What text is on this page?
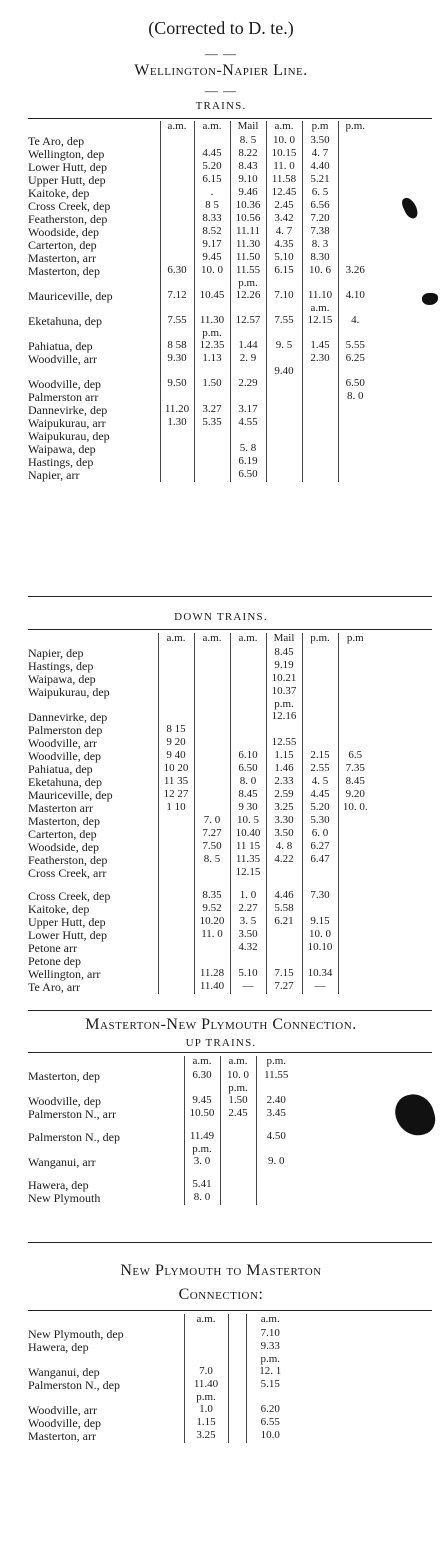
(Corrected to D. te.)
— —
Wellington-Napier Line.
— —
TRAINS.
	a.m.	a.m.	Mail	a.m.	p.m	p.m.
Te Aro, dep			8. 5	10. 0	3.50	
Wellington, dep		4.45	8.22	10.15	4. 7	
Lower Hutt, dep		5.20	8.43	11. 0	4.40	
Upper Hutt, dep		6.15	9.10	11.58	5.21	
Kaitoke, dep		.	9.46	12.45	6. 5	
Cross Creek, dep		8 5	10.36	2.45	6.56	
Featherston, dep		8.33	10.56	3.42	7.20	
Woodside, dep		8.52	11.11	4. 7	7.38	
Carterton, dep		9.17	11.30	4.35	8. 3	
Masterton, arr		9.45	11.50	5.10	8.30	
Masterton, dep	6.30	10. 0	11.55	6.15	10. 6	3.26
			p.m.			
Mauriceville, dep	7.12	10.45	12.26	7.10	11.10	4.10
					a.m.	
Eketahuna, dep	7.55	11.30	12.57	7.55	12.15	4.
		p.m.				
Pahiatua, dep	8 58	12.35	1.44	9. 5	1.45	5.55
Woodville, arr	9.30	1.13	2. 9		2.30	6.25
				9.40		
Woodville, dep	9.50	1.50	2.29			6.50
Palmerston arr						8. 0
Dannevirke, dep	11.20	3.27	3.17			
Waipukurau, arr	1.30	5.35	4.55			
Waipukurau, dep						
Waipawa, dep			5. 8			
Hastings, dep			6.19			
Napier, arr			6.50			
DOWN TRAINS.
	a.m.	a.m.	a.m.	Mail	p.m.	p.m
Napier, dep				8.45		
Hastings, dep				9.19		
Waipawa, dep				10.21		
Waipukurau, dep				10.37		
				p.m.		
Dannevirke, dep				12.16		
Palmerston dep	8 15					
Woodville, arr	9 20			12.55		
Woodville, dep	9 40		6.10	1.15	2.15	6.5
Pahiatua, dep	10 20		6.50	1.46	2.55	7.35
Eketahuna, dep	11 35		8. 0	2.33	4. 5	8.45
Mauriceville, dep	12 27		8.45	2.59	4.45	9.20
Masterton arr	1 10		9 30	3.25	5.20	10. 0.
Masterton, dep		7. 0	10. 5	3.30	5.30	
Carterton, dep		7.27	10.40	3.50	6. 0	
Woodside, dep		7.50	11 15	4. 8	6.27	
Featherston, dep		8. 5	11.35	4.22	6.47	
Cross Creek, arr			12.15			

Cross Creek, dep		8.35	1. 0	4.46	7.30	
Kaitoke, dep		9.52	2.27	5.58		
Upper Hutt, dep		10.20	3. 5	6.21	9.15	
Lower Hutt, dep		11. 0	3.50		10. 0	
Petone arr			4.32		10.10	
Petone dep						
Wellington, arr		11.28	5.10	7.15	10.34	
Te Aro, arr		11.40	—	7.27	—	
Masterton-New Plymouth Connection.
UP TRAINS.
	a.m.	a.m.	p.m.
Masterton, dep	6.30	10. 0	11.55
		p.m.	
Woodville, dep	9.45	1.50	2.40
Palmerston N., arr	10.50	2.45	3.45

Palmerston N., dep	11.49		4.50
	p.m.		
Wanganui, arr	3. 0		9. 0

Hawera, dep	5.41		
New Plymouth	8. 0		
New Plymouth to Masterton
Connection:
	a.m.		a.m.
New Plymouth, dep			7.10
Hawera, dep			9.33
			p.m.
Wanganui, dep	7.0		12. 1
Palmerston N., dep	11.40		5.15
	p.m.		
Woodville, arr	1.0		6.20
Woodville, dep	1.15		6.55
Masterton, arr	3.25		10.0
